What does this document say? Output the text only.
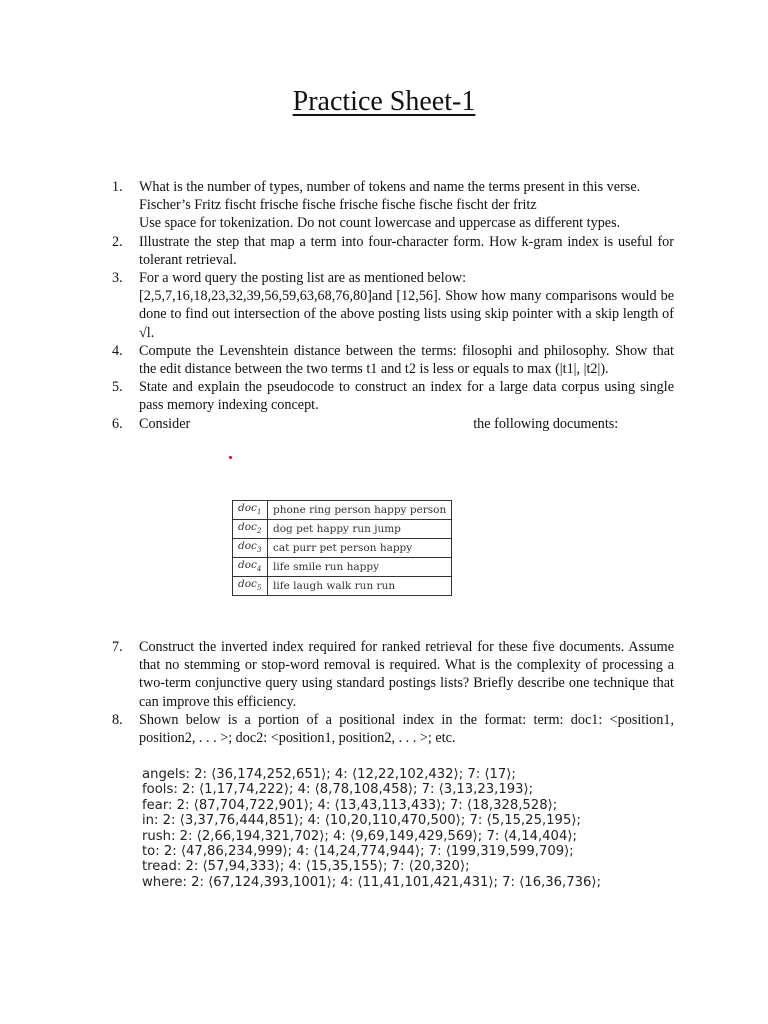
Practice Sheet-1
1. What is the number of types, number of tokens and name the terms present in this verse.
Fischer’s Fritz fischt frische fische frische fische fische fischt der fritz
Use space for tokenization. Do not count lowercase and uppercase as different types.
2. Illustrate the step that map a term into four-character form. How k-gram index is useful for tolerant retrieval.
3. For a word query the posting list are as mentioned below:
[2,5,7,16,18,23,32,39,56,59,63,68,76,80]and [12,56]. Show how many comparisons would be done to find out intersection of the above posting lists using skip pointer with a skip length of √l.
4. Compute the Levenshtein distance between the terms: filosophi and philosophy. Show that the edit distance between the two terms t1 and t2 is less or equals to max (|t1|, |t2|).
5. State and explain the pseudocode to construct an index for a large data corpus using single pass memory indexing concept.
6. Consider	the following documents:
doc$_1$	phone ring person happy person
doc$_2$	dog pet happy run jump
doc$_3$	cat purr pet person happy
doc$_4$	life smile run happy
doc$_5$	life laugh walk run run
7. Construct the inverted index required for ranked retrieval for these five documents. Assume that no stemming or stop-word removal is required. What is the complexity of processing a two-term conjunctive query using standard postings lists? Briefly describe one technique that can improve this efficiency.
8. Shown below is a portion of a positional index in the format: term: doc1: <position1, position2, . . . >; doc2: <position1, position2, . . . >; etc.
angels: 2: ⟨36,174,252,651⟩; 4: ⟨12,22,102,432⟩; 7: ⟨17⟩;
fools: 2: ⟨1,17,74,222⟩; 4: ⟨8,78,108,458⟩; 7: ⟨3,13,23,193⟩;
fear: 2: ⟨87,704,722,901⟩; 4: ⟨13,43,113,433⟩; 7: ⟨18,328,528⟩;
in: 2: ⟨3,37,76,444,851⟩; 4: ⟨10,20,110,470,500⟩; 7: ⟨5,15,25,195⟩;
rush: 2: ⟨2,66,194,321,702⟩; 4: ⟨9,69,149,429,569⟩; 7: ⟨4,14,404⟩;
to: 2: ⟨47,86,234,999⟩; 4: ⟨14,24,774,944⟩; 7: ⟨199,319,599,709⟩;
tread: 2: ⟨57,94,333⟩; 4: ⟨15,35,155⟩; 7: ⟨20,320⟩;
where: 2: ⟨67,124,393,1001⟩; 4: ⟨11,41,101,421,431⟩; 7: ⟨16,36,736⟩;
